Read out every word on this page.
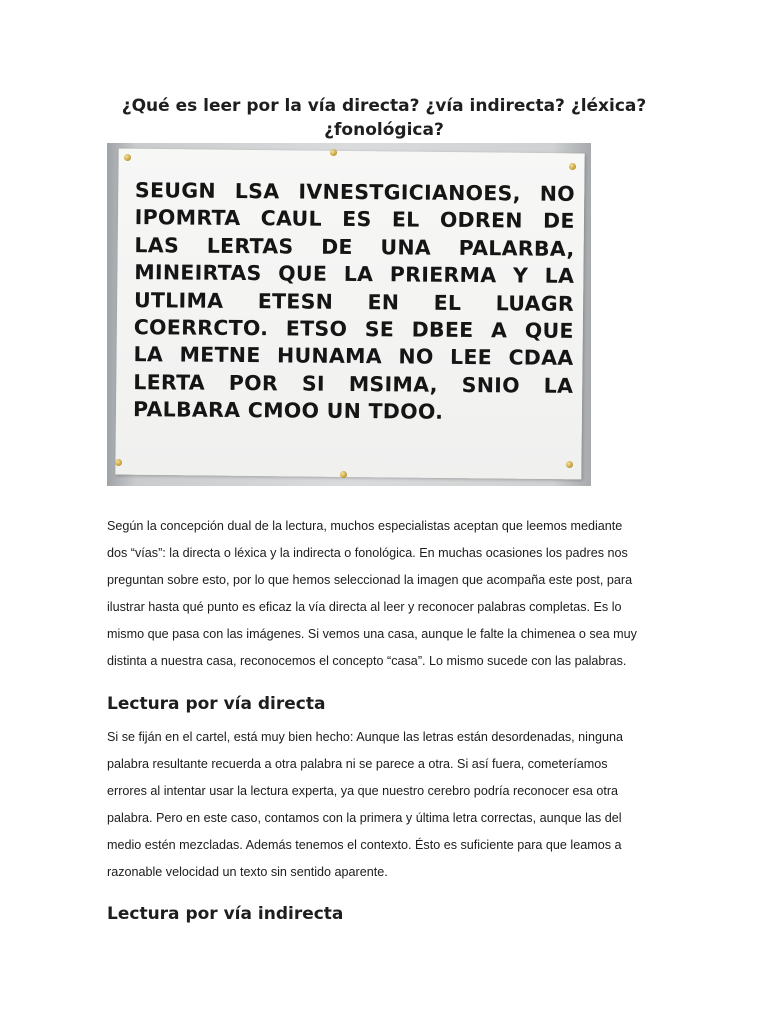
¿Qué es leer por la vía directa? ¿vía indirecta? ¿léxica?
¿fonológica?
SEUGN LSA IVNESTGICIANOES, NO
IPOMRTA CAUL ES EL ODREN DE
LAS LERTAS DE UNA PALARBA,
MINEIRTAS QUE LA PRIERMA Y LA
UTLIMA ETESN EN EL LUAGR
COERRCTO. ETSO SE DBEE A QUE
LA METNE HUNAMA NO LEE CDAA
LERTA POR SI MSIMA, SNIO LA
PALBARA CMOO UN TDOO.
Según la concepción dual de la lectura, muchos especialistas aceptan que leemos mediante
dos “vías”: la directa o léxica y la indirecta o fonológica. En muchas ocasiones los padres nos
preguntan sobre esto, por lo que hemos seleccionad la imagen que acompaña este post, para
ilustrar hasta qué punto es eficaz la vía directa al leer y reconocer palabras completas. Es lo
mismo que pasa con las imágenes. Si vemos una casa, aunque le falte la chimenea o sea muy
distinta a nuestra casa, reconocemos el concepto “casa”. Lo mismo sucede con las palabras.
Lectura por vía directa
Si se fiján en el cartel, está muy bien hecho: Aunque las letras están desordenadas, ninguna
palabra resultante recuerda a otra palabra ni se parece a otra. Si así fuera, cometeríamos
errores al intentar usar la lectura experta, ya que nuestro cerebro podría reconocer esa otra
palabra. Pero en este caso, contamos con la primera y última letra correctas, aunque las del
medio estén mezcladas. Además tenemos el contexto. Ésto es suficiente para que leamos a
razonable velocidad un texto sin sentido aparente.
Lectura por vía indirecta
